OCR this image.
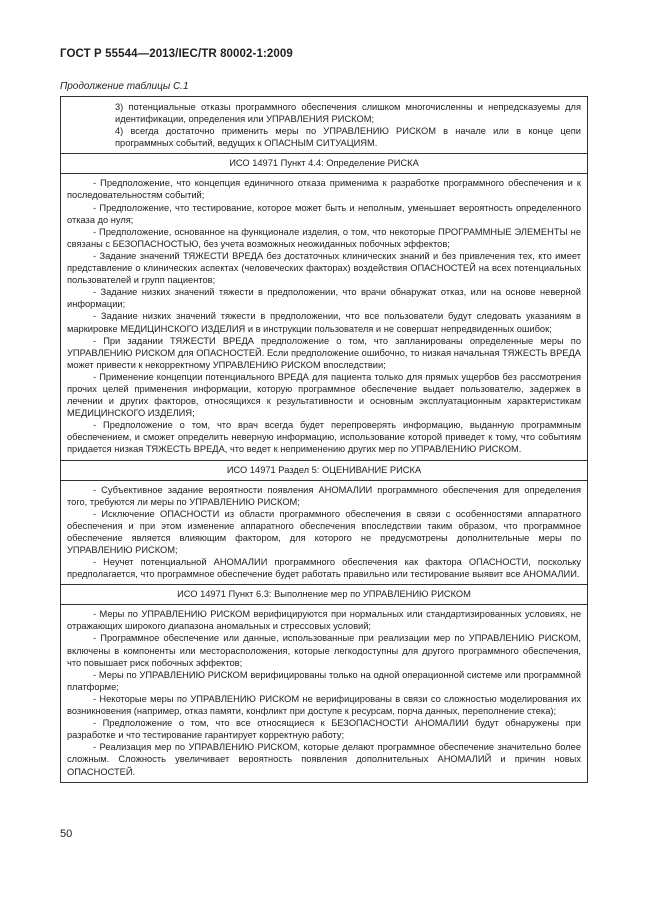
ГОСТ Р 55544—2013/IEC/TR 80002-1:2009
Продолжение таблицы С.1

3) потенциальные отказы программного обеспечения слишком многочисленны и непредсказуемы для идентификации, определения или УПРАВЛЕНИЯ РИСКОМ;

4) всегда достаточно применить меры по УПРАВЛЕНИЮ РИСКОМ в начале или в конце цепи программных событий, ведущих к ОПАСНЫМ СИТУАЦИЯМ.

ИСО 14971 Пункт 4.4: Определение РИСКА

- Предположение, что концепция единичного отказа применима к разработке программного обеспечения и к последовательностям событий;

- Предположение, что тестирование, которое может быть и неполным, уменьшает вероятность определенного отказа до нуля;

- Предположение, основанное на функционале изделия, о том, что некоторые ПРОГРАММНЫЕ ЭЛЕМЕНТЫ не связаны с БЕЗОПАСНОСТЬЮ, без учета возможных неожиданных побочных эффектов;

- Задание значений ТЯЖЕСТИ ВРЕДА без достаточных клинических знаний и без привлечения тех, кто имеет представление о клинических аспектах (человеческих факторах) воздействия ОПАСНОСТЕЙ на всех потенциальных пользователей и групп пациентов;

- Задание низких значений тяжести в предположении, что врачи обнаружат отказ, или на основе неверной информации;

- Задание низких значений тяжести в предположении, что все пользователи будут следовать указаниям в маркировке МЕДИЦИНСКОГО ИЗДЕЛИЯ и в инструкции пользователя и не совершат непредвиденных ошибок;

- При задании ТЯЖЕСТИ ВРЕДА предположение о том, что запланированы определенные меры по УПРАВЛЕНИЮ РИСКОМ для ОПАСНОСТЕЙ. Если предположение ошибочно, то низкая начальная ТЯЖЕСТЬ ВРЕДА может привести к некорректному УПРАВЛЕНИЮ РИСКОМ впоследствии;

- Применение концепции потенциального ВРЕДА для пациента только для прямых ущербов без рассмотрения прочих целей применения информации, которую программное обеспечение выдает пользователю, задержек в лечении и других факторов, относящихся к результативности и основным эксплуатационным характеристикам МЕДИЦИНСКОГО ИЗДЕЛИЯ;

- Предположение о том, что врач всегда будет перепроверять информацию, выданную программным обеспечением, и сможет определить неверную информацию, использование которой приведет к тому, что событиям придается низкая ТЯЖЕСТЬ ВРЕДА, что ведет к неприменению других мер по УПРАВЛЕНИЮ РИСКОМ.

ИСО 14971 Раздел 5: ОЦЕНИВАНИЕ РИСКА

- Субъективное задание вероятности появления АНОМАЛИИ программного обеспечения для определения того, требуются ли меры по УПРАВЛЕНИЮ РИСКОМ;

- Исключение ОПАСНОСТИ из области программного обеспечения в связи с особенностями аппаратного обеспечения и при этом изменение аппаратного обеспечения впоследствии таким образом, что программное обеспечение является влияющим фактором, для которого не предусмотрены дополнительные меры по УПРАВЛЕНИЮ РИСКОМ;

- Неучет потенциальной АНОМАЛИИ программного обеспечения как фактора ОПАСНОСТИ, поскольку предполагается, что программное обеспечение будет работать правильно или тестирование выявит все АНОМАЛИИ.

ИСО 14971 Пункт 6.3: Выполнение мер по УПРАВЛЕНИЮ РИСКОМ

- Меры по УПРАВЛЕНИЮ РИСКОМ верифицируются при нормальных или стандартизированных условиях, не отражающих широкого диапазона аномальных и стрессовых условий;

- Программное обеспечение или данные, использованные при реализации мер по УПРАВЛЕНИЮ РИСКОМ, включены в компоненты или месторасположения, которые легкодоступны для другого программного обеспечения, что повышает риск побочных эффектов;

- Меры по УПРАВЛЕНИЮ РИСКОМ верифицированы только на одной операционной системе или программной платформе;

- Некоторые меры по УПРАВЛЕНИЮ РИСКОМ не верифицированы в связи со сложностью моделирования их возникновения (например, отказ памяти, конфликт при доступе к ресурсам, порча данных, переполнение стека);

- Предположение о том, что все относящиеся к БЕЗОПАСНОСТИ АНОМАЛИИ будут обнаружены при разработке и что тестирование гарантирует корректную работу;

- Реализация мер по УПРАВЛЕНИЮ РИСКОМ, которые делают программное обеспечение значительно более сложным. Сложность увеличивает вероятность появления дополнительных АНОМАЛИЙ и причин новых ОПАСНОСТЕЙ.

50
